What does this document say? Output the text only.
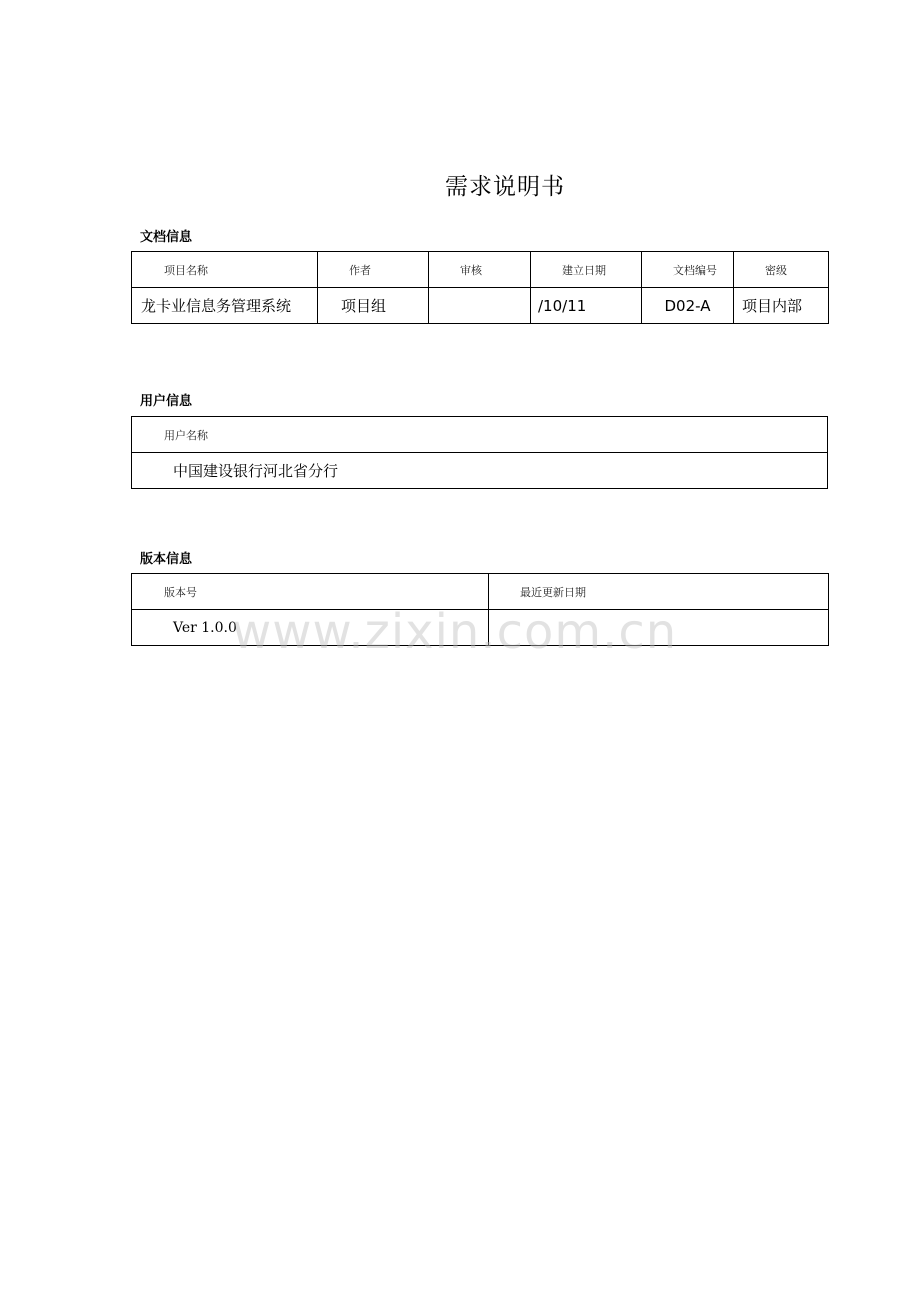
需求说明书
文档信息
项目名称	作者	审核	建立日期	文档编号	密级
龙卡业信息务管理系统	项目组		/10/11	D02-A	项目内部
用户信息
用户名称
中国建设银行河北省分行
版本信息
版本号	最近更新日期
Ver 1.0.0	
www.zixin.com.cn
